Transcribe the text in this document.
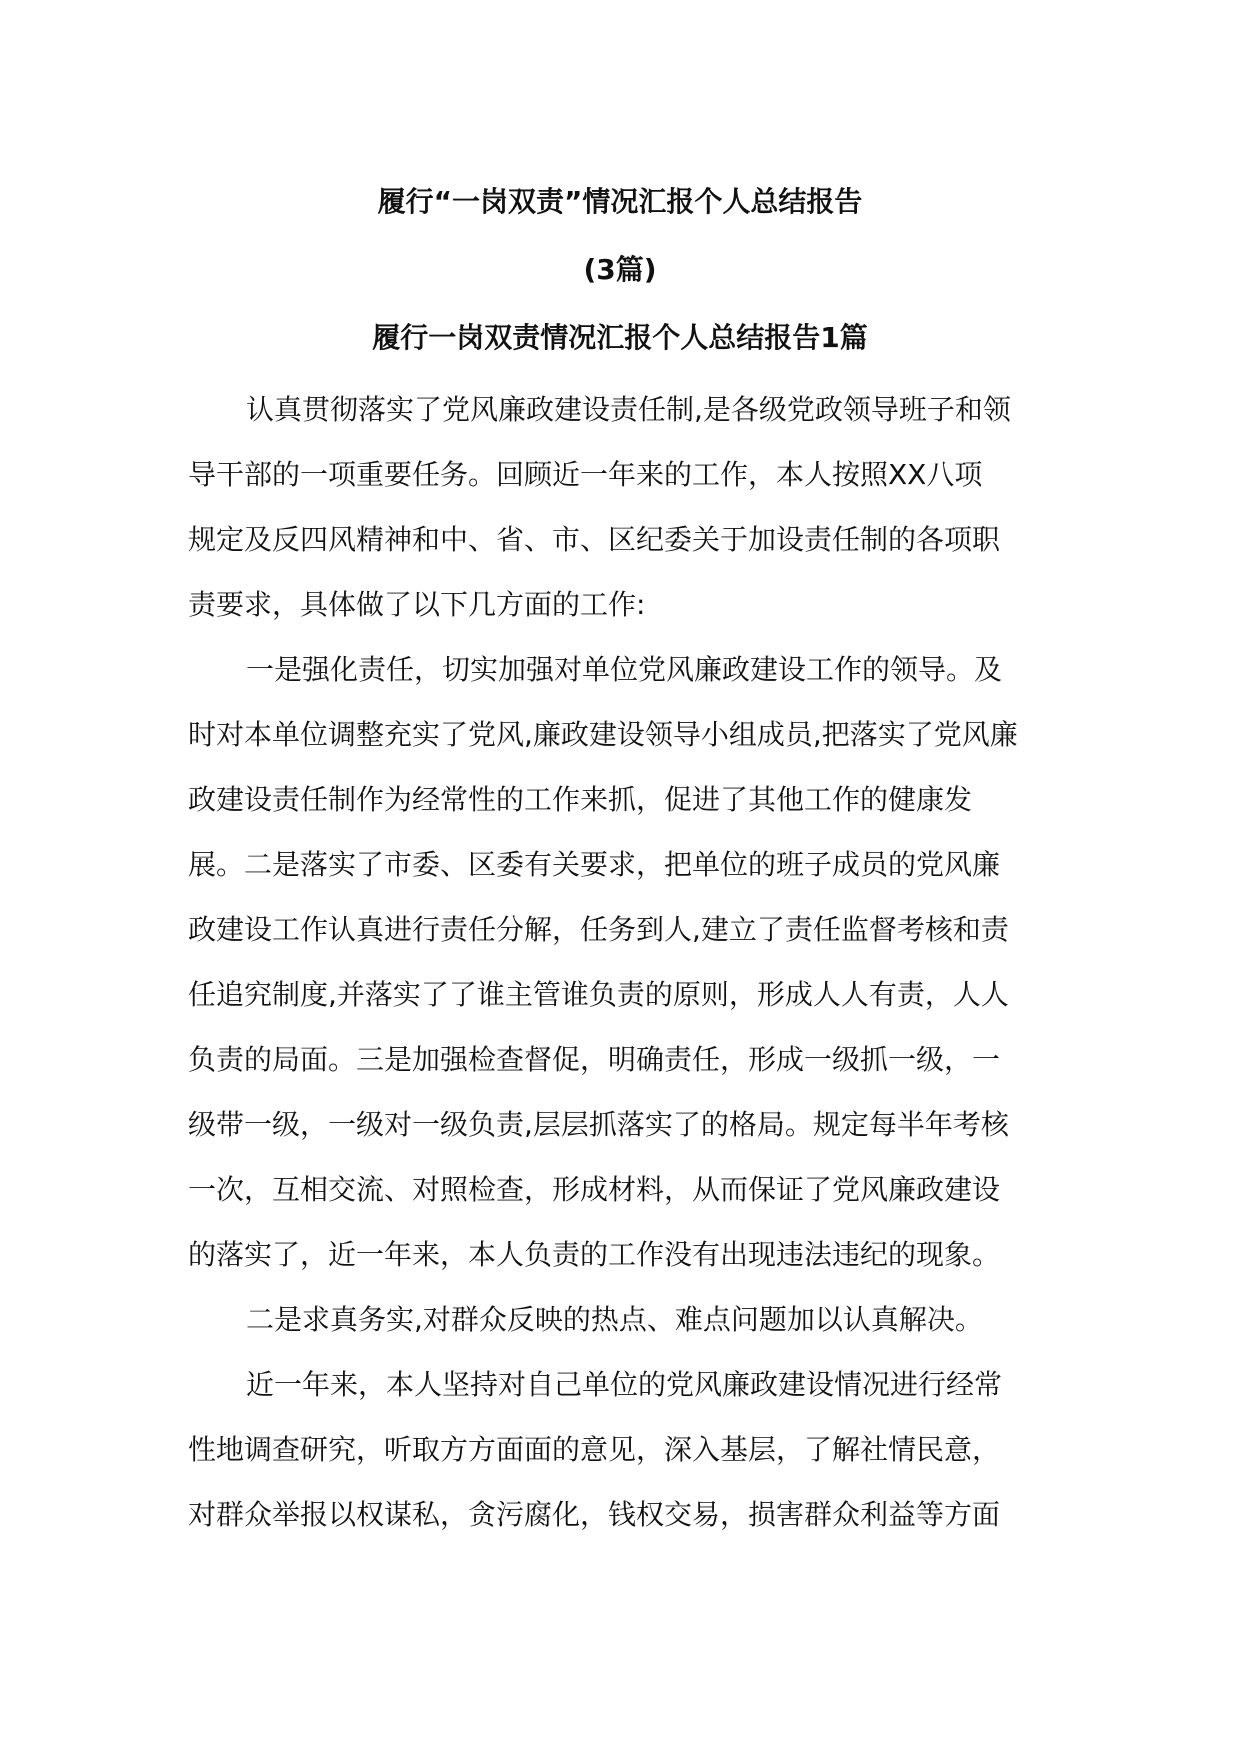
履行“一岗双责”情况汇报个人总结报告
(3篇)
履行一岗双责情况汇报个人总结报告1篇

认真贯彻落实了党风廉政建设责任制,是各级党政领导班子和领
导干部的一项重要任务。回顾近一年来的工作，本人按照XX八项
规定及反四风精神和中、省、市、区纪委关于加设责任制的各项职
责要求，具体做了以下几方面的工作:

一是强化责任，切实加强对单位党风廉政建设工作的领导。及
时对本单位调整充实了党风,廉政建设领导小组成员,把落实了党风廉
政建设责任制作为经常性的工作来抓，促进了其他工作的健康发
展。二是落实了市委、区委有关要求，把单位的班子成员的党风廉
政建设工作认真进行责任分解，任务到人,建立了责任监督考核和责
任追究制度,并落实了了谁主管谁负责的原则，形成人人有责，人人
负责的局面。三是加强检查督促，明确责任，形成一级抓一级，一
级带一级，一级对一级负责,层层抓落实了的格局。规定每半年考核
一次，互相交流、对照检查，形成材料，从而保证了党风廉政建设
的落实了，近一年来，本人负责的工作没有出现违法违纪的现象。

二是求真务实,对群众反映的热点、难点问题加以认真解决。

近一年来，本人坚持对自己单位的党风廉政建设情况进行经常
性地调查研究，听取方方面面的意见，深入基层，了解社情民意，
对群众举报以权谋私，贪污腐化，钱权交易，损害群众利益等方面
